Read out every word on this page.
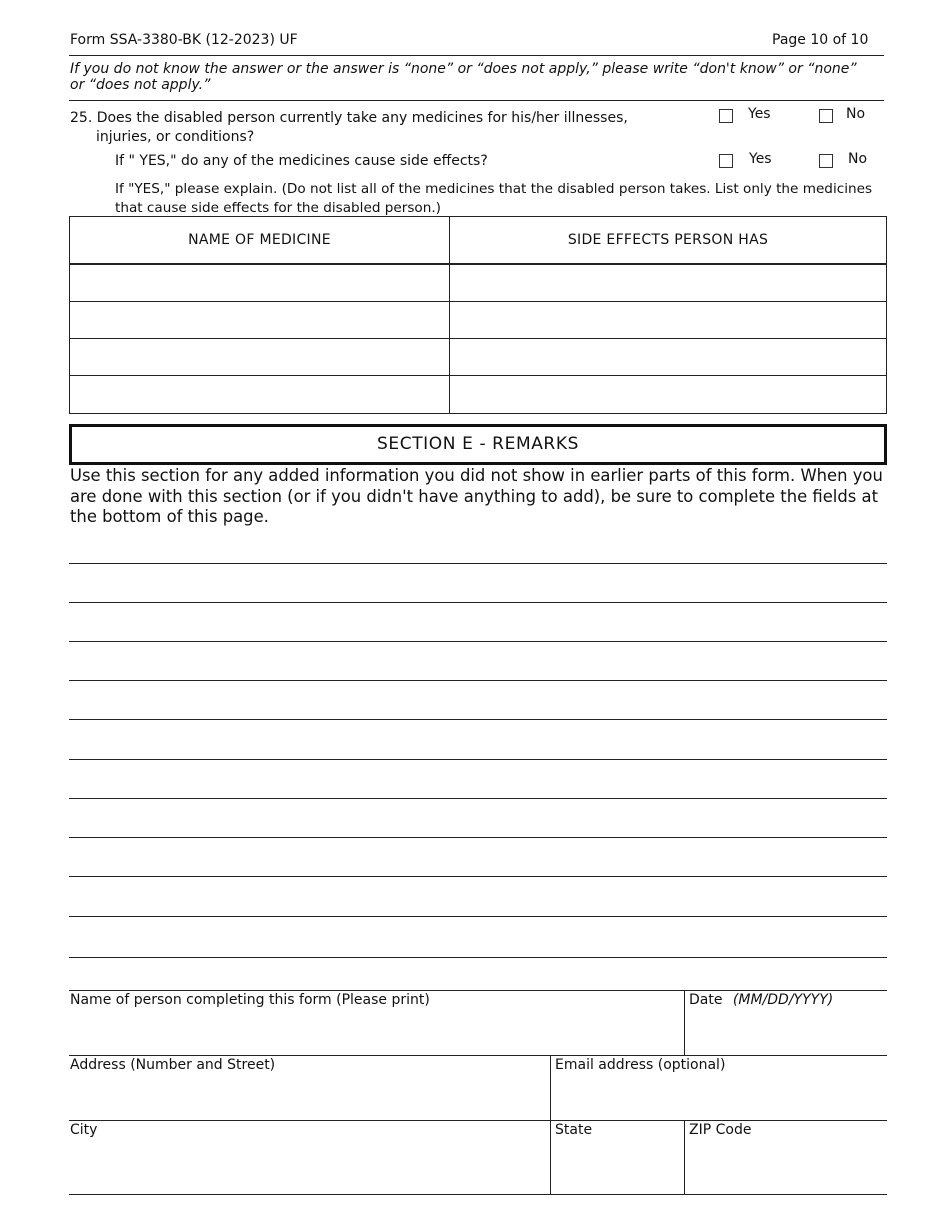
Form SSA-3380-BK (12-2023) UF	Page 10 of 10
If you do not know the answer or the answer is “none” or “does not apply,” please write “don't know” or “none” or “does not apply.”
25. Does the disabled person currently take any medicines for his/her illnesses,
injuries, or conditions?
Yes	No
If " YES," do any of the medicines cause side effects?	Yes	No
If "YES," please explain. (Do not list all of the medicines that the disabled person takes. List only the medicines that cause side effects for the disabled person.)
NAME OF MEDICINE	SIDE EFFECTS PERSON HAS

SECTION E - REMARKS
Use this section for any added information you did not show in earlier parts of this form. When you are done with this section (or if you didn't have anything to add), be sure to complete the fields at the bottom of this page.
Name of person completing this form (Please print)	Date (MM/DD/YYYY)
Address (Number and Street)	Email address (optional)
City	State	ZIP Code
